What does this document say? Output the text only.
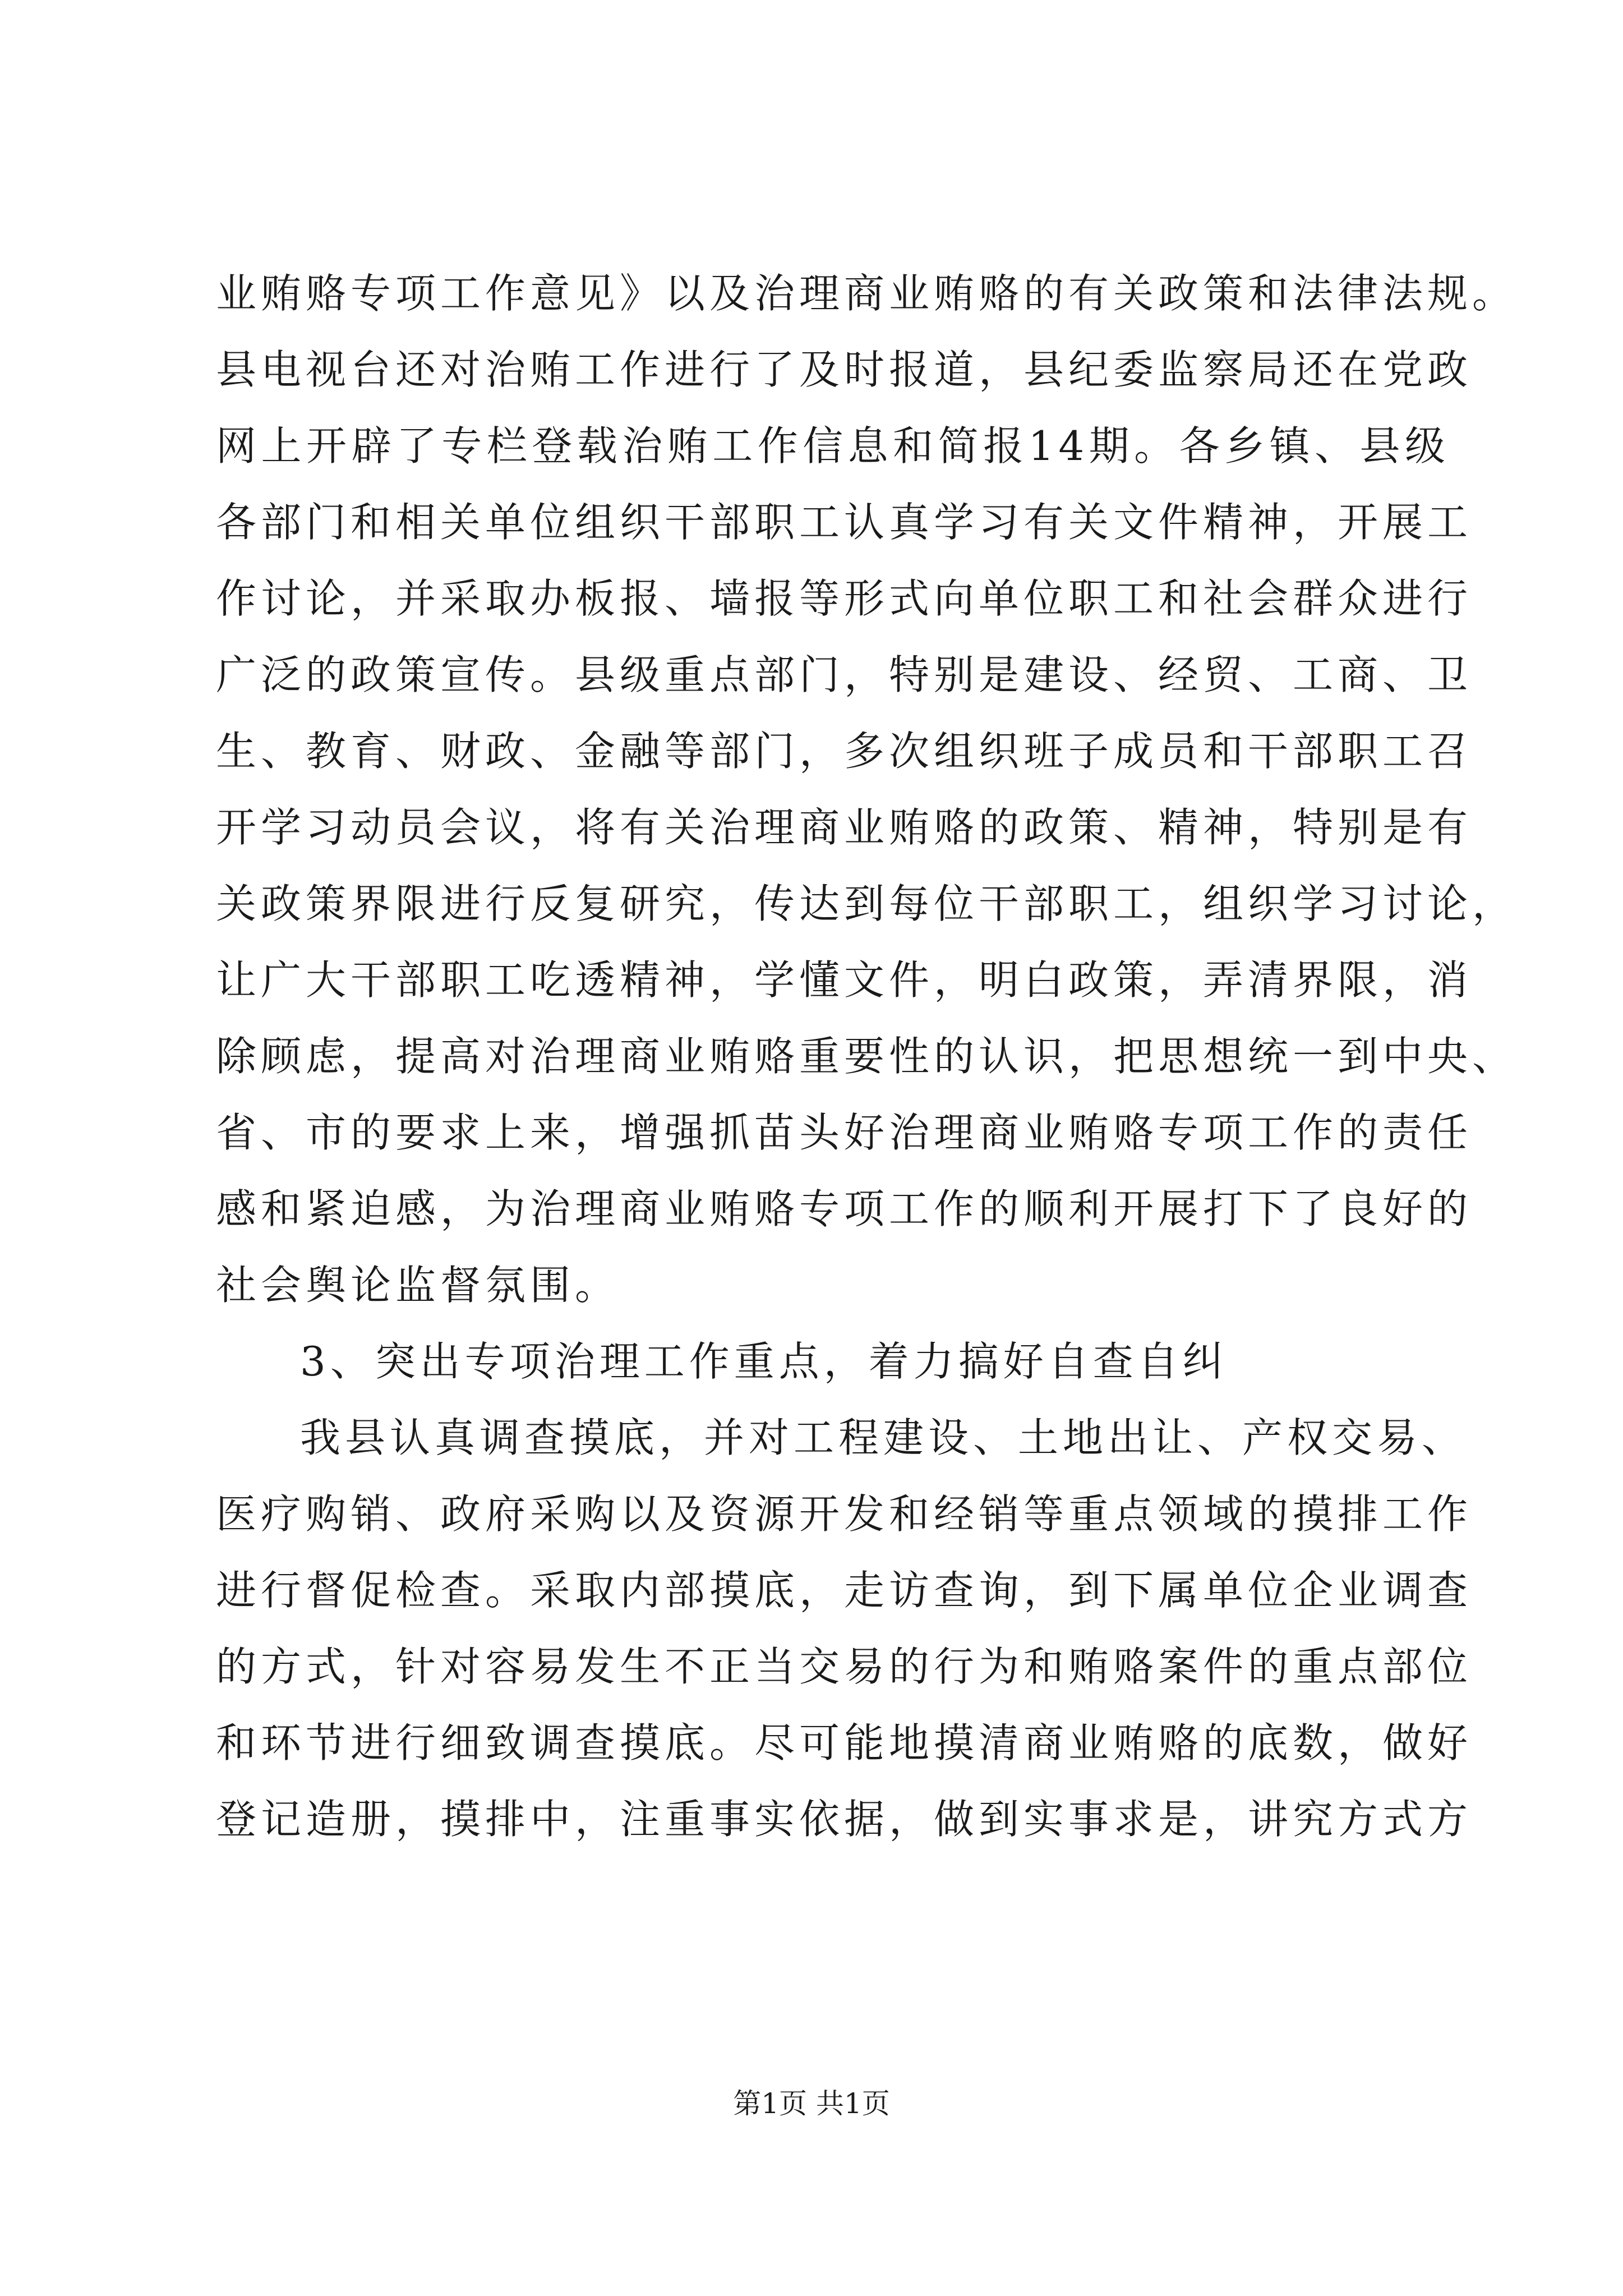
业贿赂专项工作意见》以及治理商业贿赂的有关政策和法律法规。
县电视台还对治贿工作进行了及时报道，县纪委监察局还在党政
网上开辟了专栏登载治贿工作信息和简报14期。各乡镇、县级
各部门和相关单位组织干部职工认真学习有关文件精神，开展工
作讨论，并采取办板报、墙报等形式向单位职工和社会群众进行
广泛的政策宣传。县级重点部门，特别是建设、经贸、工商、卫
生、教育、财政、金融等部门，多次组织班子成员和干部职工召
开学习动员会议，将有关治理商业贿赂的政策、精神，特别是有
关政策界限进行反复研究，传达到每位干部职工，组织学习讨论，
让广大干部职工吃透精神，学懂文件，明白政策，弄清界限，消
除顾虑，提高对治理商业贿赂重要性的认识，把思想统一到中央、
省、市的要求上来，增强抓苗头好治理商业贿赂专项工作的责任
感和紧迫感，为治理商业贿赂专项工作的顺利开展打下了良好的
社会舆论监督氛围。
3、突出专项治理工作重点，着力搞好自查自纠
我县认真调查摸底，并对工程建设、土地出让、产权交易、
医疗购销、政府采购以及资源开发和经销等重点领域的摸排工作
进行督促检查。采取内部摸底，走访查询，到下属单位企业调查
的方式，针对容易发生不正当交易的行为和贿赂案件的重点部位
和环节进行细致调查摸底。尽可能地摸清商业贿赂的底数，做好
登记造册，摸排中，注重事实依据，做到实事求是，讲究方式方
第1页 共1页
